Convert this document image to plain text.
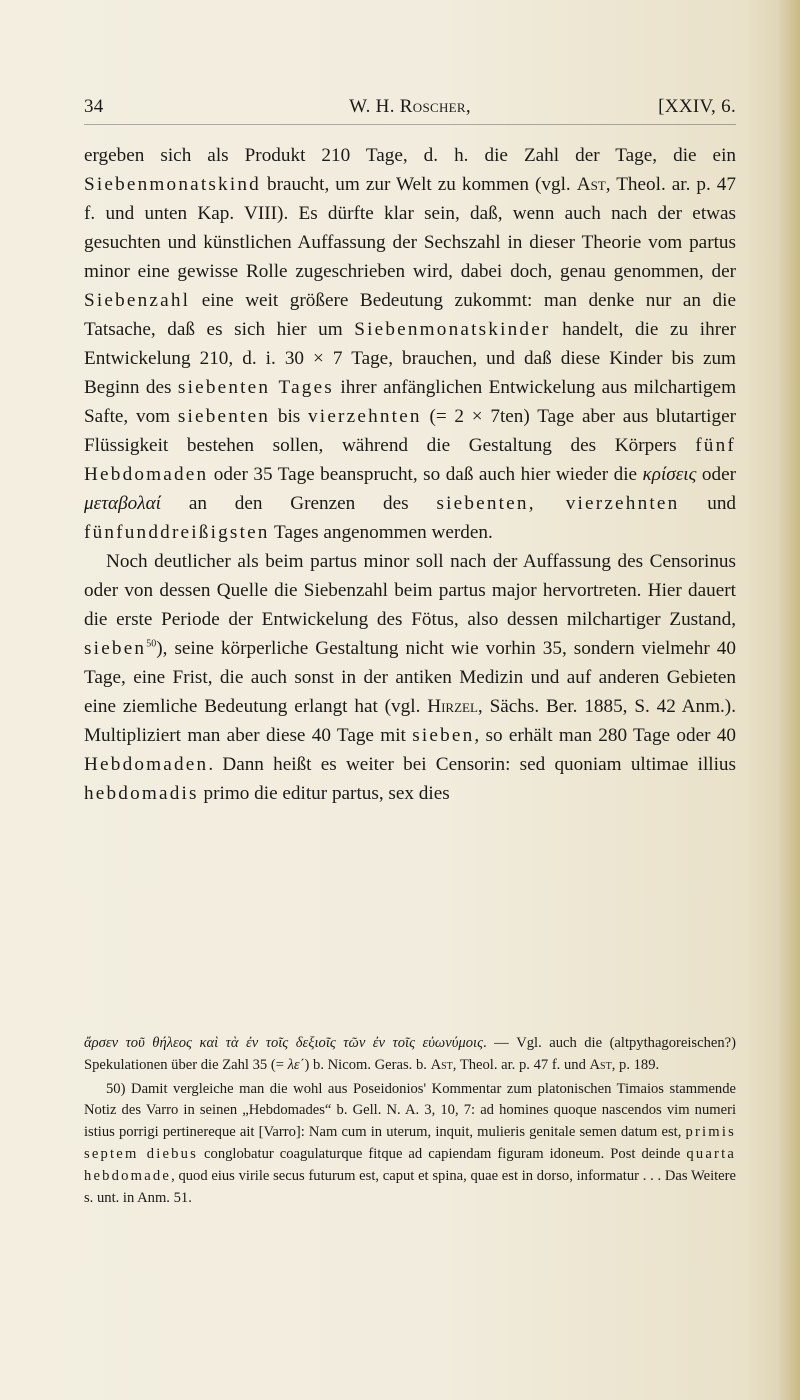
34	W. H. Roscher,	[XXIV, 6.

ergeben sich als Produkt 210 Tage, d. h. die Zahl der Tage, die ein Siebenmonatskind braucht, um zur Welt zu kommen (vgl. Ast, Theol. ar. p. 47 f. und unten Kap. VIII). Es dürfte klar sein, daß, wenn auch nach der etwas gesuchten und künstlichen Auffassung der Sechszahl in dieser Theorie vom partus minor eine gewisse Rolle zugeschrieben wird, dabei doch, genau genommen, der Siebenzahl eine weit größere Bedeutung zukommt: man denke nur an die Tatsache, daß es sich hier um Siebenmonatskinder handelt, die zu ihrer Entwickelung 210, d. i. 30 × 7 Tage, brauchen, und daß diese Kinder bis zum Beginn des siebenten Tages ihrer anfänglichen Entwickelung aus milchartigem Safte, vom siebenten bis vierzehnten (= 2 × 7ten) Tage aber aus blutartiger Flüssigkeit bestehen sollen, während die Gestaltung des Körpers fünf Hebdomaden oder 35 Tage beansprucht, so daß auch hier wieder die κρίσεις oder μεταβολαί an den Grenzen des siebenten, vierzehnten und fünfunddreißigsten Tages angenommen werden.

Noch deutlicher als beim partus minor soll nach der Auffassung des Censorinus oder von dessen Quelle die Siebenzahl beim partus major hervortreten. Hier dauert die erste Periode der Entwickelung des Fötus, also dessen milchartiger Zustand, sieben$^{50}$), seine körperliche Gestaltung nicht wie vorhin 35, sondern vielmehr 40 Tage, eine Frist, die auch sonst in der antiken Medizin und auf anderen Gebieten eine ziemliche Bedeutung erlangt hat (vgl. Hirzel, Sächs. Ber. 1885, S. 42 Anm.). Multipliziert man aber diese 40 Tage mit sieben, so erhält man 280 Tage oder 40 Hebdomaden. Dann heißt es weiter bei Censorin: sed quoniam ultimae illius hebdomadis primo die editur partus, sex dies

ἄρσεν τοῦ θήλεος καὶ τὰ ἐν τοῖς δεξιοῖς τῶν ἐν τοῖς εὐωνύμοις. — Vgl. auch die (altpythagoreischen?) Spekulationen über die Zahl 35 (= λε΄) b. Nicom. Geras. b. Ast, Theol. ar. p. 47 f. und Ast, p. 189.

50) Damit vergleiche man die wohl aus Poseidonios' Kommentar zum platonischen Timaios stammende Notiz des Varro in seinen „Hebdomades“ b. Gell. N. A. 3, 10, 7: ad homines quoque nascendos vim numeri istius porrigi pertinereque ait [Varro]: Nam cum in uterum, inquit, mulieris genitale semen datum est, primis septem diebus conglobatur coagulaturque fitque ad capiendam figuram idoneum. Post deinde quarta hebdomade, quod eius virile secus futurum est, caput et spina, quae est in dorso, informatur . . . Das Weitere s. unt. in Anm. 51.
